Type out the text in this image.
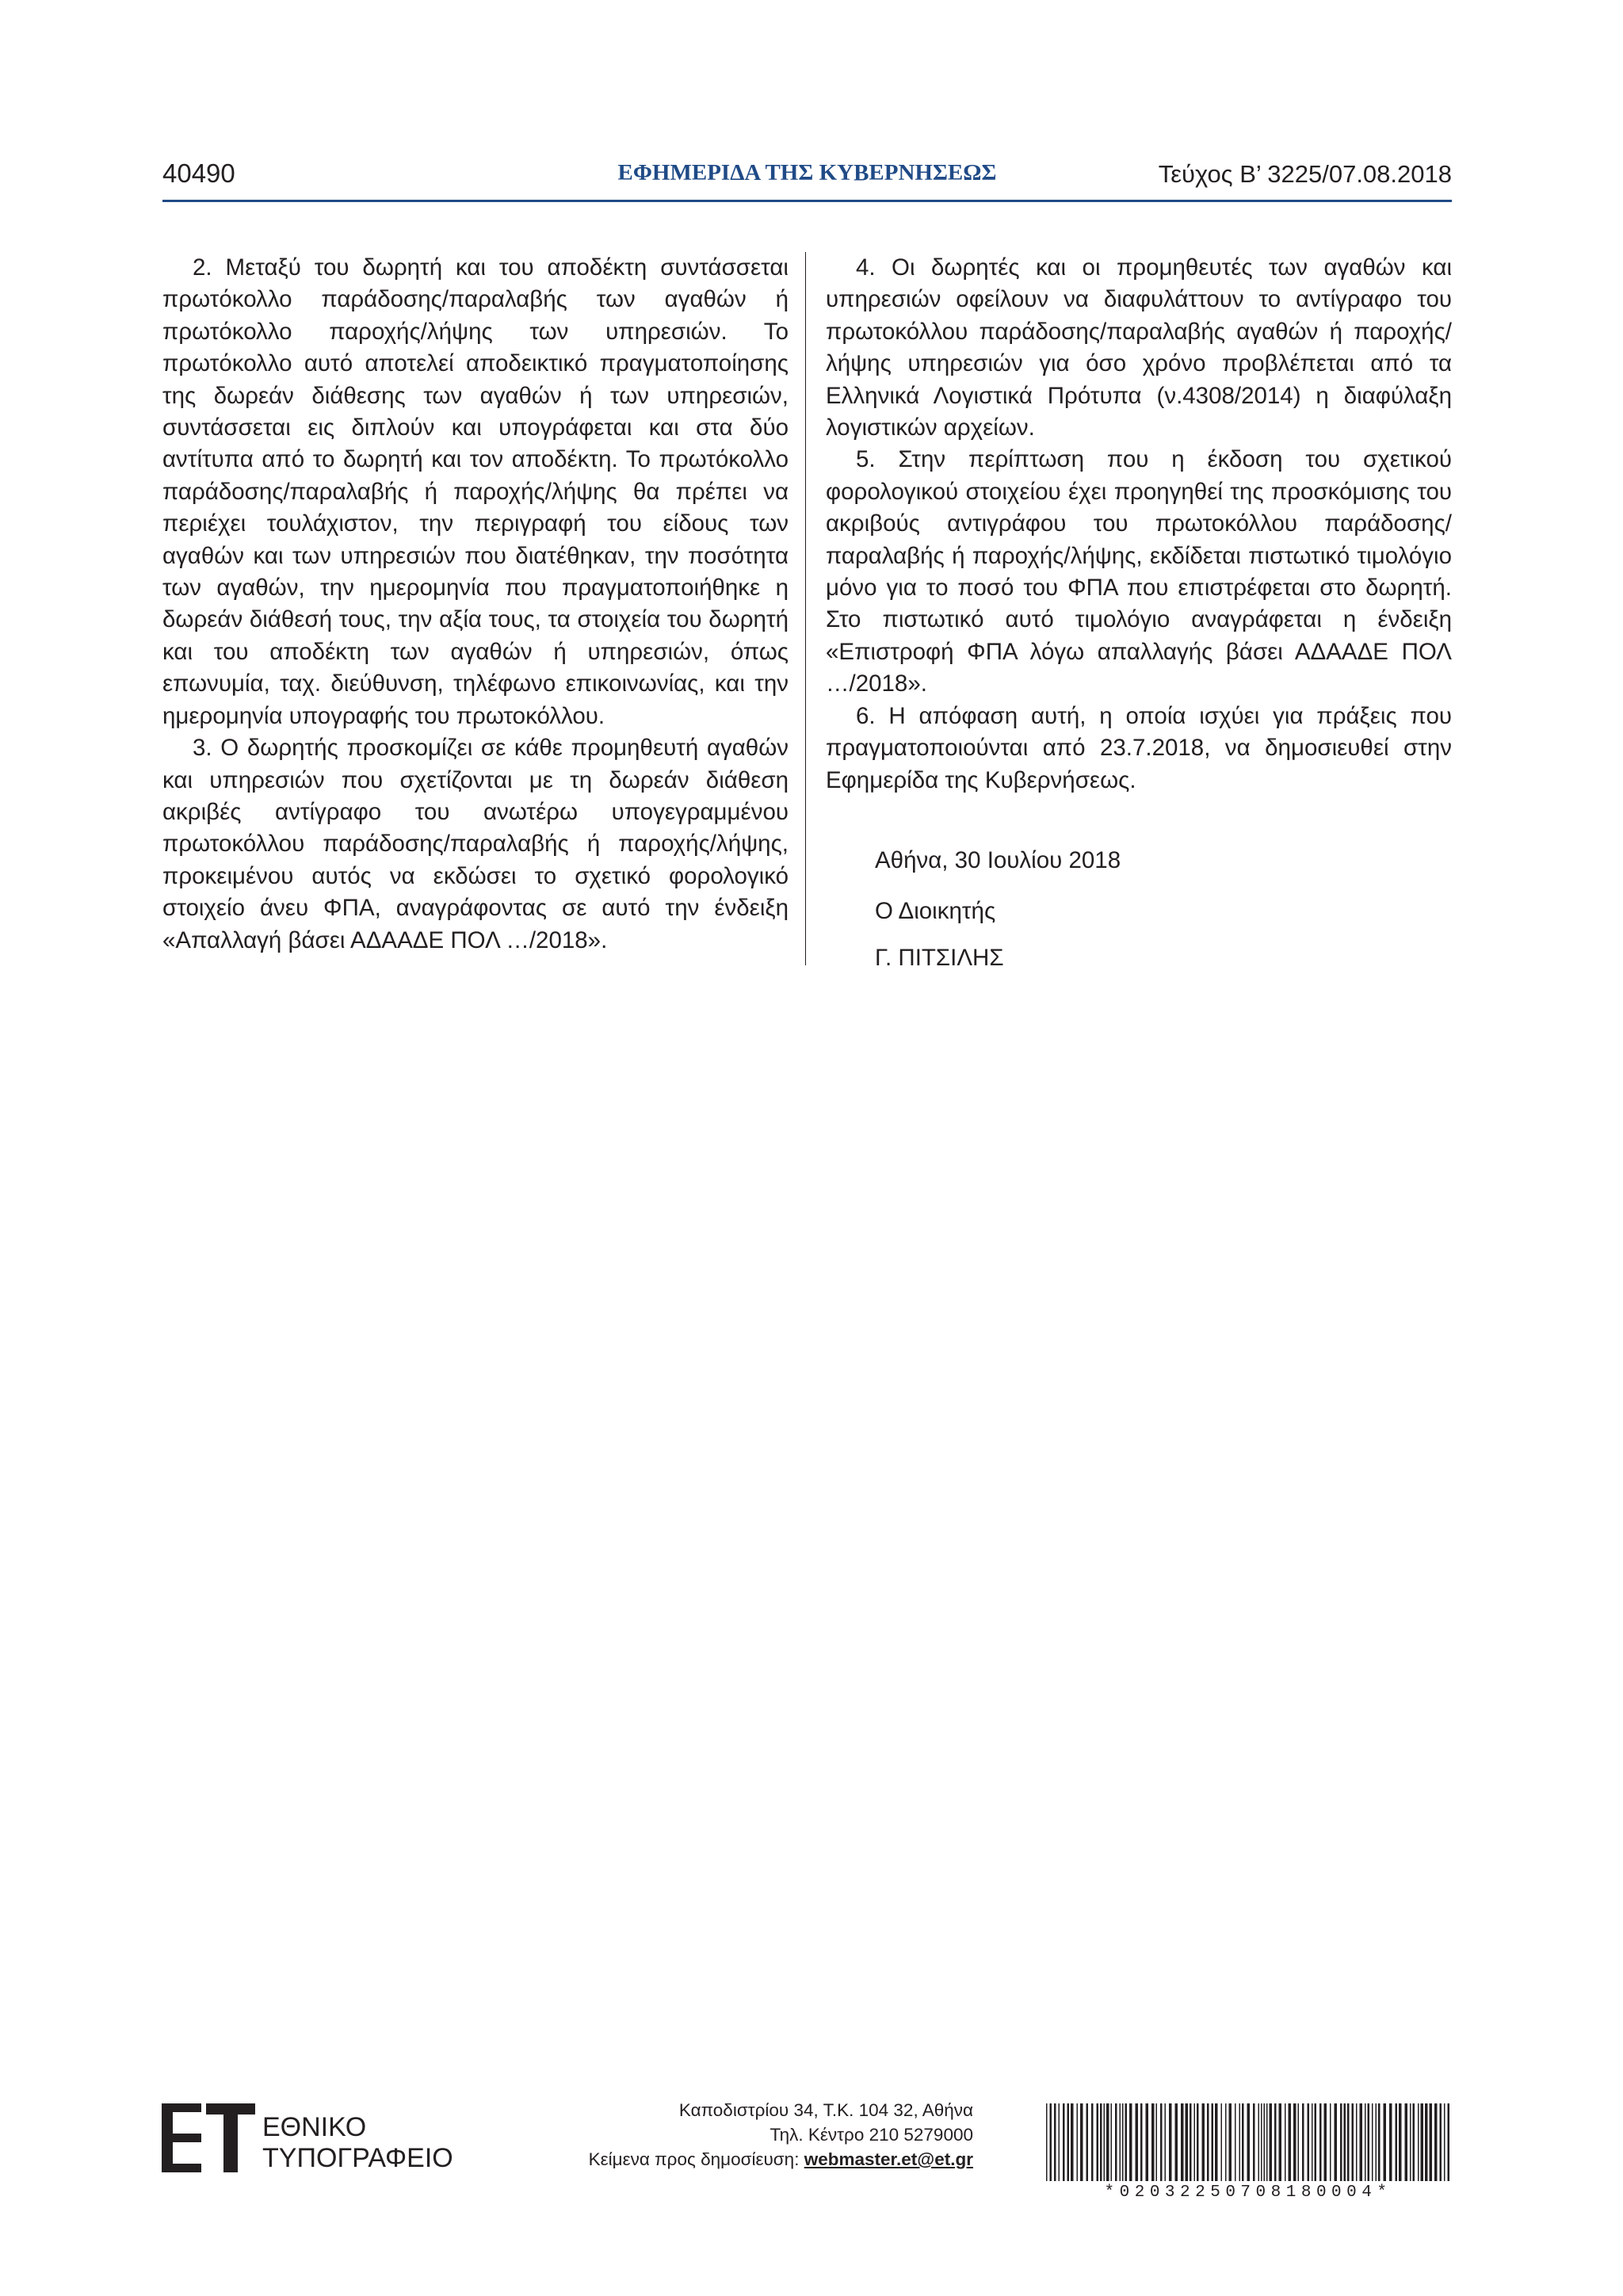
40490	ΕΦΗΜΕΡΙΔΑ ΤΗΣ ΚΥΒΕΡΝΗΣΕΩΣ	Τεύχος Β’ 3225/07.08.2018

2. Μεταξύ του δωρητή και του αποδέκτη συντάσσεται πρωτόκολλο παράδοσης/παραλαβής των αγαθών ή πρωτόκολλο παροχής/λήψης των υπηρεσιών. Το πρωτόκολλο αυτό αποτελεί αποδεικτικό πραγματοποίησης της δωρεάν διάθεσης των αγαθών ή των υπηρεσιών, συντάσσεται εις διπλούν και υπογράφεται και στα δύο αντίτυπα από το δωρητή και τον αποδέκτη. Το πρωτόκολλο παράδοσης/παραλαβής ή παροχής/λήψης θα πρέπει να περιέχει τουλάχιστον, την περιγραφή του είδους των αγαθών και των υπηρεσιών που διατέθηκαν, την ποσότητα των αγαθών, την ημερομηνία που πραγματοποιήθηκε η δωρεάν διάθεσή τους, την αξία τους, τα στοιχεία του δωρητή και του αποδέκτη των αγαθών ή υπηρεσιών, όπως επωνυμία, ταχ. διεύθυνση, τηλέφωνο επικοινωνίας, και την ημερομηνία υπογραφής του πρωτοκόλλου.

3. Ο δωρητής προσκομίζει σε κάθε προμηθευτή αγαθών και υπηρεσιών που σχετίζονται με τη δωρεάν διάθεση ακριβές αντίγραφο του ανωτέρω υπογεγραμμένου πρωτοκόλλου παράδοσης/παραλαβής ή παροχής/λήψης, προκειμένου αυτός να εκδώσει το σχετικό φορολογικό στοιχείο άνευ ΦΠΑ, αναγράφοντας σε αυτό την ένδειξη «Απαλλαγή βάσει ΑΔΑΑΔΕ ΠΟΛ …/2018».

4. Οι δωρητές και οι προμηθευτές των αγαθών και υπηρεσιών οφείλουν να διαφυλάττουν το αντίγραφο του πρωτοκόλλου παράδοσης/παραλαβής αγαθών ή παροχής/λήψης υπηρεσιών για όσο χρόνο προβλέπεται από τα Ελληνικά Λογιστικά Πρότυπα (ν.4308/2014) η διαφύλαξη λογιστικών αρχείων.

5. Στην περίπτωση που η έκδοση του σχετικού φορολογικού στοιχείου έχει προηγηθεί της προσκόμισης του ακριβούς αντιγράφου του πρωτοκόλλου παράδοσης/παραλαβής ή παροχής/λήψης, εκδίδεται πιστωτικό τιμολόγιο μόνο για το ποσό του ΦΠΑ που επιστρέφεται στο δωρητή. Στο πιστωτικό αυτό τιμολόγιο αναγράφεται η ένδειξη «Επιστροφή ΦΠΑ λόγω απαλλαγής βάσει ΑΔΑΑΔΕ ΠΟΛ …/2018».

6. Η απόφαση αυτή, η οποία ισχύει για πράξεις που πραγματοποιούνται από 23.7.2018, να δημοσιευθεί στην Εφημερίδα της Κυβερνήσεως.

Αθήνα, 30 Ιουλίου 2018
Ο Διοικητής
Γ. ΠΙΤΣΙΛΗΣ
ΕΘΝΙΚΟ
ΤΥΠΟΓΡΑΦΕΙΟ
Καποδιστρίου 34, Τ.Κ. 104 32, Αθήνα
Τηλ. Κέντρο 210 5279000
Κείμενα προς δημοσίευση: webmaster.et@et.gr
*02032250708180004*
